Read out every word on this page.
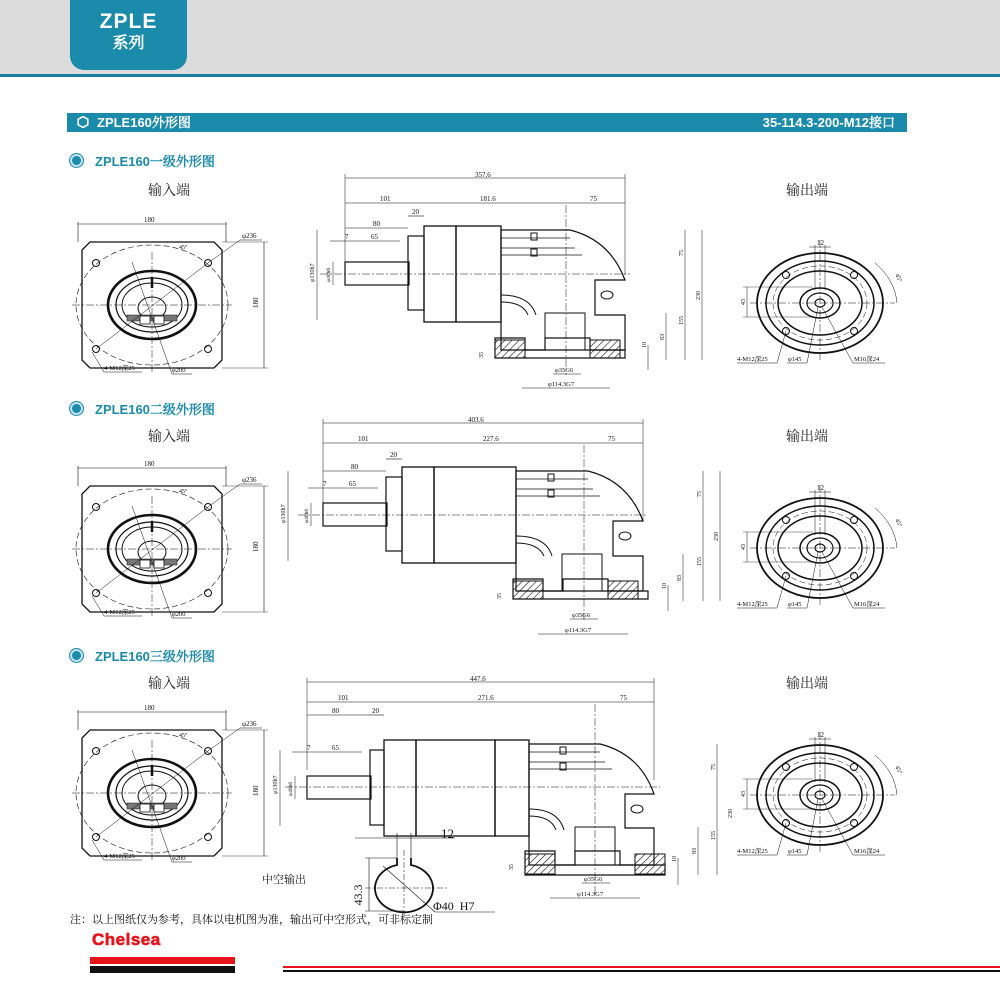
ZPLE
系列
ZPLE160外形图	35-114.3-200-M12接口
ZPLE160一级外形图
输入端	输出端
180
φ236
45°
180
4-M12深25	φ200
357.6
101	181.6	75
80
20
7	65
φ130h7 φ40h6
75
230
155
83
10
35
φ35G6
φ114.3G7
12
43
45°
4-M12深25	φ145	M16深24
ZPLE160二级外形图
输入端	输出端
180
φ236
45°
180
4-M12深25	φ200
403.6
101	227.6	75
80
20
7	65
φ130h7	φ40h6
75
230
155
83
10
35
φ35G6
φ114.3G7
12
43
45°
4-M12深25	φ145	M16深24
ZPLE160三级外形图
输入端	输出端
180
φ236
45°
180
4-M12深25	φ200
447.6
101	271.6	75
80	20
7	65
φ130h7 φ40h6
75
230
155
83
10
35
φ35G6
φ114.3G7
12
43
45°
4-M12深25	φ145	M16深24
中空输出
12
43.3
Φ40  H7
注：以上图纸仅为参考，具体以电机图为准，输出可中空形式，可非标定制
Chelsea
